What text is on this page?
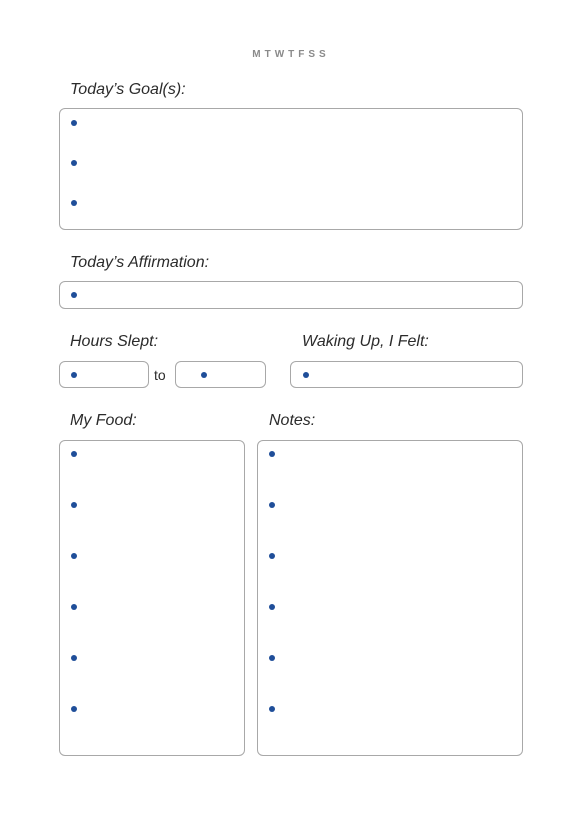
MTWTFSS
Today’s Goal(s):
Today’s Affirmation:
Hours Slept:
to
Waking Up, I Felt:
My Food:	Notes:
